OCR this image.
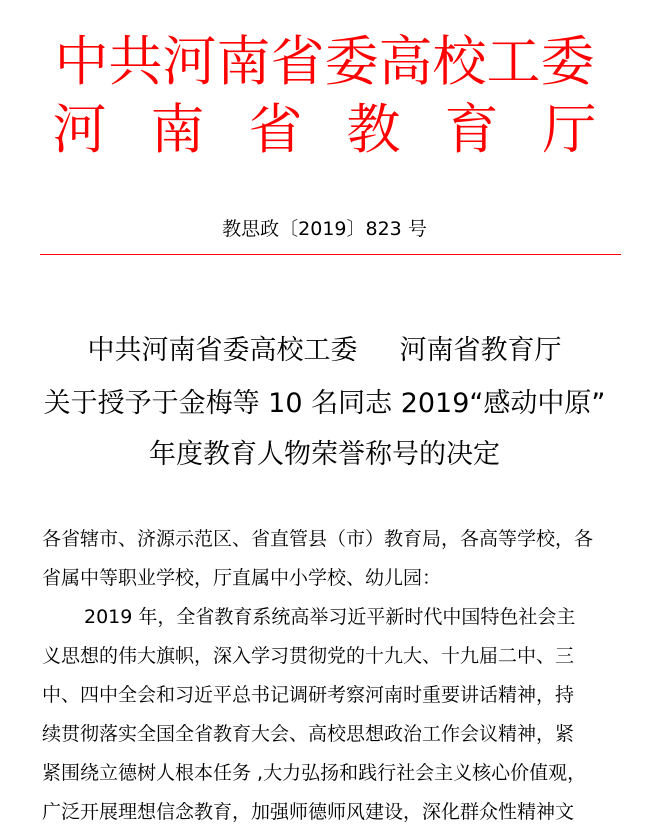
中共河南省委高校工委
河南省教育厅
教思政〔2019〕823 号
中共河南省委高校工委 河南省教育厅
关于授予于金梅等 10 名同志 2019“感动中原”
年度教育人物荣誉称号的决定
各省辖市、济源示范区、省直管县（市）教育局，各高等学校，各
省属中等职业学校，厅直属中小学校、幼儿园：
2019 年，全省教育系统高举习近平新时代中国特色社会主
义思想的伟大旗帜，深入学习贯彻党的十九大、十九届二中、三
中、四中全会和习近平总书记调研考察河南时重要讲话精神，持
续贯彻落实全国全省教育大会、高校思想政治工作会议精神，紧
紧围绕立德树人根本任务 ,大力弘扬和践行社会主义核心价值观，
广泛开展理想信念教育，加强师德师风建设，深化群众性精神文
